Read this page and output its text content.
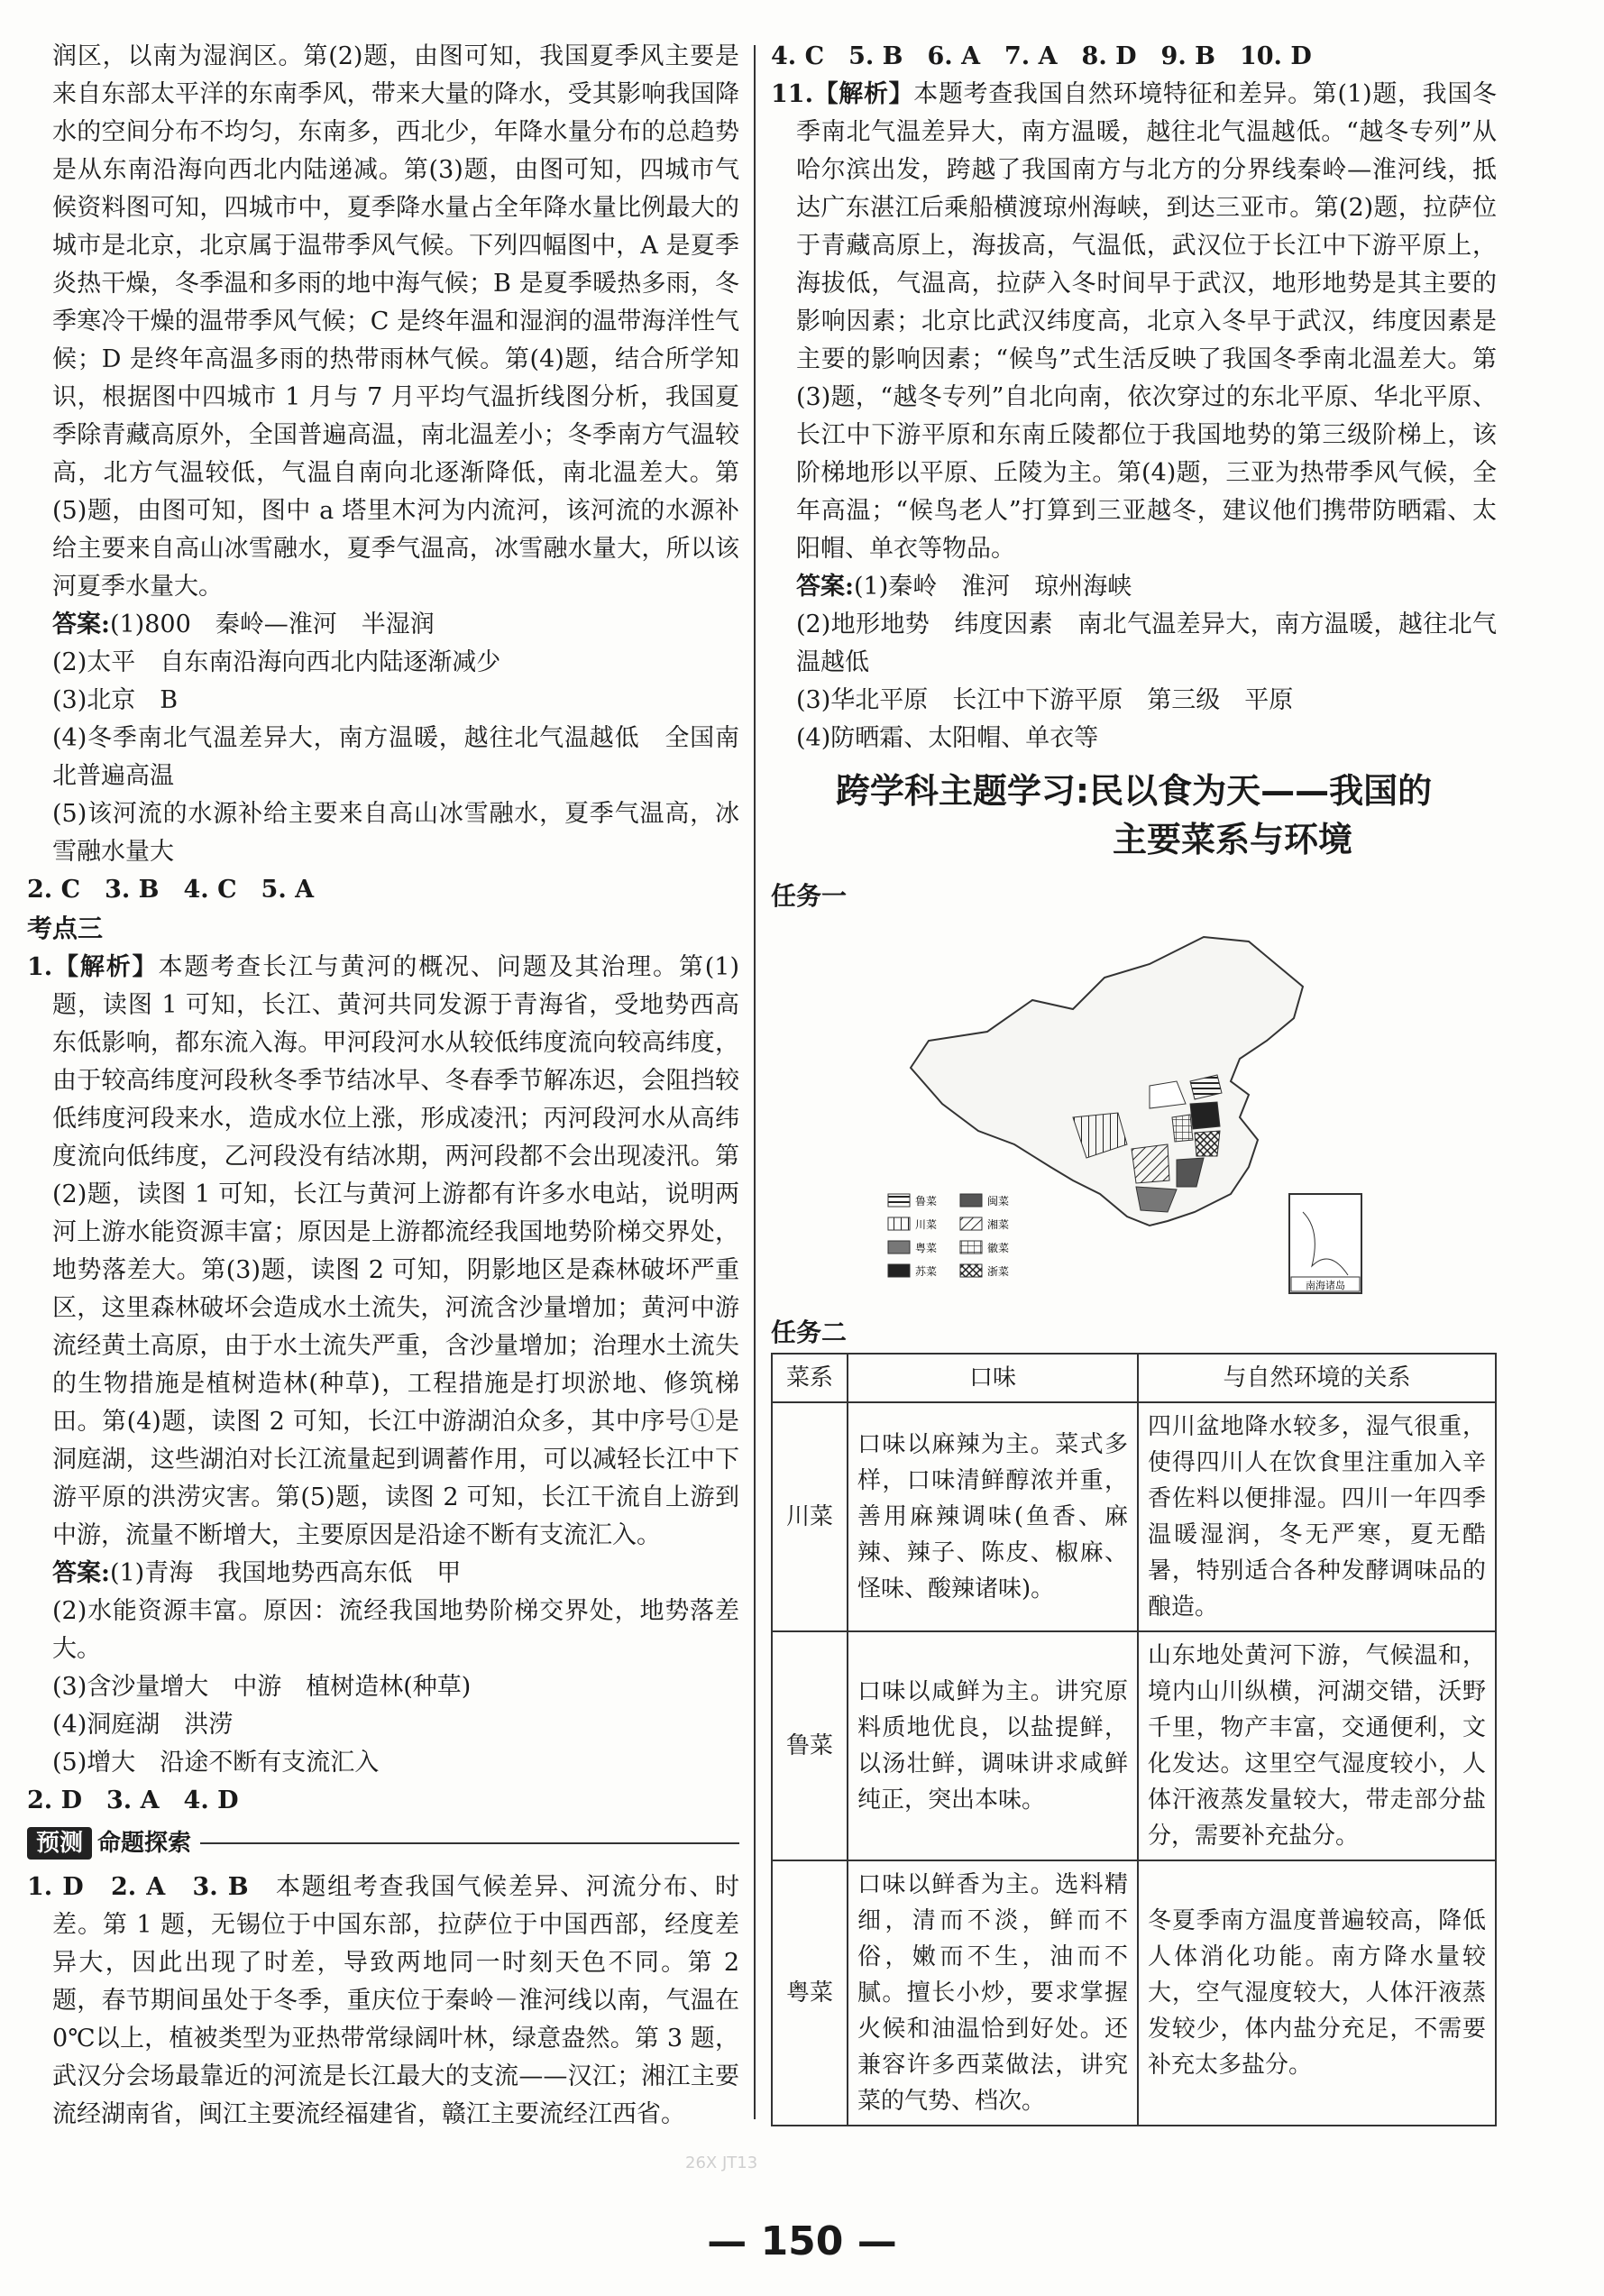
润区，以南为湿润区。第(2)题，由图可知，我国夏季风主要是来自东部太平洋的东南季风，带来大量的降水，受其影响我国降水的空间分布不均匀，东南多，西北少，年降水量分布的总趋势是从东南沿海向西北内陆递减。第(3)题，由图可知，四城市气候资料图可知，四城市中，夏季降水量占全年降水量比例最大的城市是北京，北京属于温带季风气候。下列四幅图中，A 是夏季炎热干燥，冬季温和多雨的地中海气候；B 是夏季暖热多雨，冬季寒冷干燥的温带季风气候；C 是终年温和湿润的温带海洋性气候；D 是终年高温多雨的热带雨林气候。第(4)题，结合所学知识，根据图中四城市 1 月与 7 月平均气温折线图分析，我国夏季除青藏高原外，全国普遍高温，南北温差小；冬季南方气温较高，北方气温较低，气温自南向北逐渐降低，南北温差大。第(5)题，由图可知，图中 a 塔里木河为内流河，该河流的水源补给主要来自高山冰雪融水，夏季气温高，冰雪融水量大，所以该河夏季水量大。

答案:(1)800　秦岭—淮河　半湿润

(2)太平　自东南沿海向西北内陆逐渐减少

(3)北京　B

(4)冬季南北气温差异大，南方温暖，越往北气温越低　全国南北普遍高温

(5)该河流的水源补给主要来自高山冰雪融水，夏季气温高，冰雪融水量大

2. C　3. B　4. C　5. A

考点三

1.【解析】本题考查长江与黄河的概况、问题及其治理。第(1)题，读图 1 可知，长江、黄河共同发源于青海省，受地势西高东低影响，都东流入海。甲河段河水从较低纬度流向较高纬度，由于较高纬度河段秋冬季节结冰早、冬春季节解冻迟，会阻挡较低纬度河段来水，造成水位上涨，形成凌汛；丙河段河水从高纬度流向低纬度，乙河段没有结冰期，两河段都不会出现凌汛。第(2)题，读图 1 可知，长江与黄河上游都有许多水电站，说明两河上游水能资源丰富；原因是上游都流经我国地势阶梯交界处，地势落差大。第(3)题，读图 2 可知，阴影地区是森林破坏严重区，这里森林破坏会造成水土流失，河流含沙量增加；黄河中游流经黄土高原，由于水土流失严重，含沙量增加；治理水土流失的生物措施是植树造林(种草)，工程措施是打坝淤地、修筑梯田。第(4)题，读图 2 可知，长江中游湖泊众多，其中序号①是洞庭湖，这些湖泊对长江流量起到调蓄作用，可以减轻长江中下游平原的洪涝灾害。第(5)题，读图 2 可知，长江干流自上游到中游，流量不断增大，主要原因是沿途不断有支流汇入。

答案:(1)青海　我国地势西高东低　甲

(2)水能资源丰富。原因：流经我国地势阶梯交界处，地势落差大。

(3)含沙量增大　中游　植树造林(种草)

(4)洞庭湖　洪涝

(5)增大　沿途不断有支流汇入

2. D　3. A　4. D

预测 命题探索

1. D　2. A　3. B　 本题组考查我国气候差异、河流分布、时差。第 1 题，无锡位于中国东部，拉萨位于中国西部，经度差异大，因此出现了时差，导致两地同一时刻天色不同。第 2 题，春节期间虽处于冬季，重庆位于秦岭－淮河线以南，气温在 0℃以上，植被类型为亚热带常绿阔叶林，绿意盎然。第 3 题，武汉分会场最靠近的河流是长江最大的支流——汉江；湘江主要流经湖南省，闽江主要流经福建省，赣江主要流经江西省。

4. C　5. B　6. A　7. A　8. D　9. B　10. D

11.【解析】本题考查我国自然环境特征和差异。第(1)题，我国冬季南北气温差异大，南方温暖，越往北气温越低。“越冬专列”从哈尔滨出发，跨越了我国南方与北方的分界线秦岭—淮河线，抵达广东湛江后乘船横渡琼州海峡，到达三亚市。第(2)题，拉萨位于青藏高原上，海拔高，气温低，武汉位于长江中下游平原上，海拔低，气温高，拉萨入冬时间早于武汉，地形地势是其主要的影响因素；北京比武汉纬度高，北京入冬早于武汉，纬度因素是主要的影响因素；“候鸟”式生活反映了我国冬季南北温差大。第(3)题，“越冬专列”自北向南，依次穿过的东北平原、华北平原、长江中下游平原和东南丘陵都位于我国地势的第三级阶梯上，该阶梯地形以平原、丘陵为主。第(4)题，三亚为热带季风气候，全年高温；“候鸟老人”打算到三亚越冬，建议他们携带防晒霜、太阳帽、单衣等物品。

答案:(1)秦岭　淮河　琼州海峡

(2)地形地势　纬度因素　南北气温差异大，南方温暖，越往北气温越低

(3)华北平原　长江中下游平原　第三级　平原

(4)防晒霜、太阳帽、单衣等

跨学科主题学习:民以食为天——我国的
主要菜系与环境

任务一

南海诸岛
鲁菜	闽菜
川菜	湘菜
粤菜	徽菜
苏菜	浙菜

任务二

菜系	口味	与自然环境的关系
川菜	口味以麻辣为主。菜式多样，口味清鲜醇浓并重，善用麻辣调味(鱼香、麻辣、辣子、陈皮、椒麻、怪味、酸辣诸味)。	四川盆地降水较多，湿气很重，使得四川人在饮食里注重加入辛香佐料以便排湿。四川一年四季温暖湿润，冬无严寒，夏无酷暑，特别适合各种发酵调味品的酿造。
鲁菜	口味以咸鲜为主。讲究原料质地优良，以盐提鲜，以汤壮鲜，调味讲求咸鲜纯正，突出本味。	山东地处黄河下游，气候温和，境内山川纵横，河湖交错，沃野千里，物产丰富，交通便利，文化发达。这里空气湿度较小，人体汗液蒸发量较大，带走部分盐分，需要补充盐分。
粤菜	口味以鲜香为主。选料精细，清而不淡，鲜而不俗，嫩而不生，油而不腻。擅长小炒，要求掌握火候和油温恰到好处。还兼容许多西菜做法，讲究菜的气势、档次。	冬夏季南方温度普遍较高，降低人体消化功能。南方降水量较大，空气湿度较大，人体汗液蒸发较少，体内盐分充足，不需要补充太多盐分。
26X JT13
— 150 —
